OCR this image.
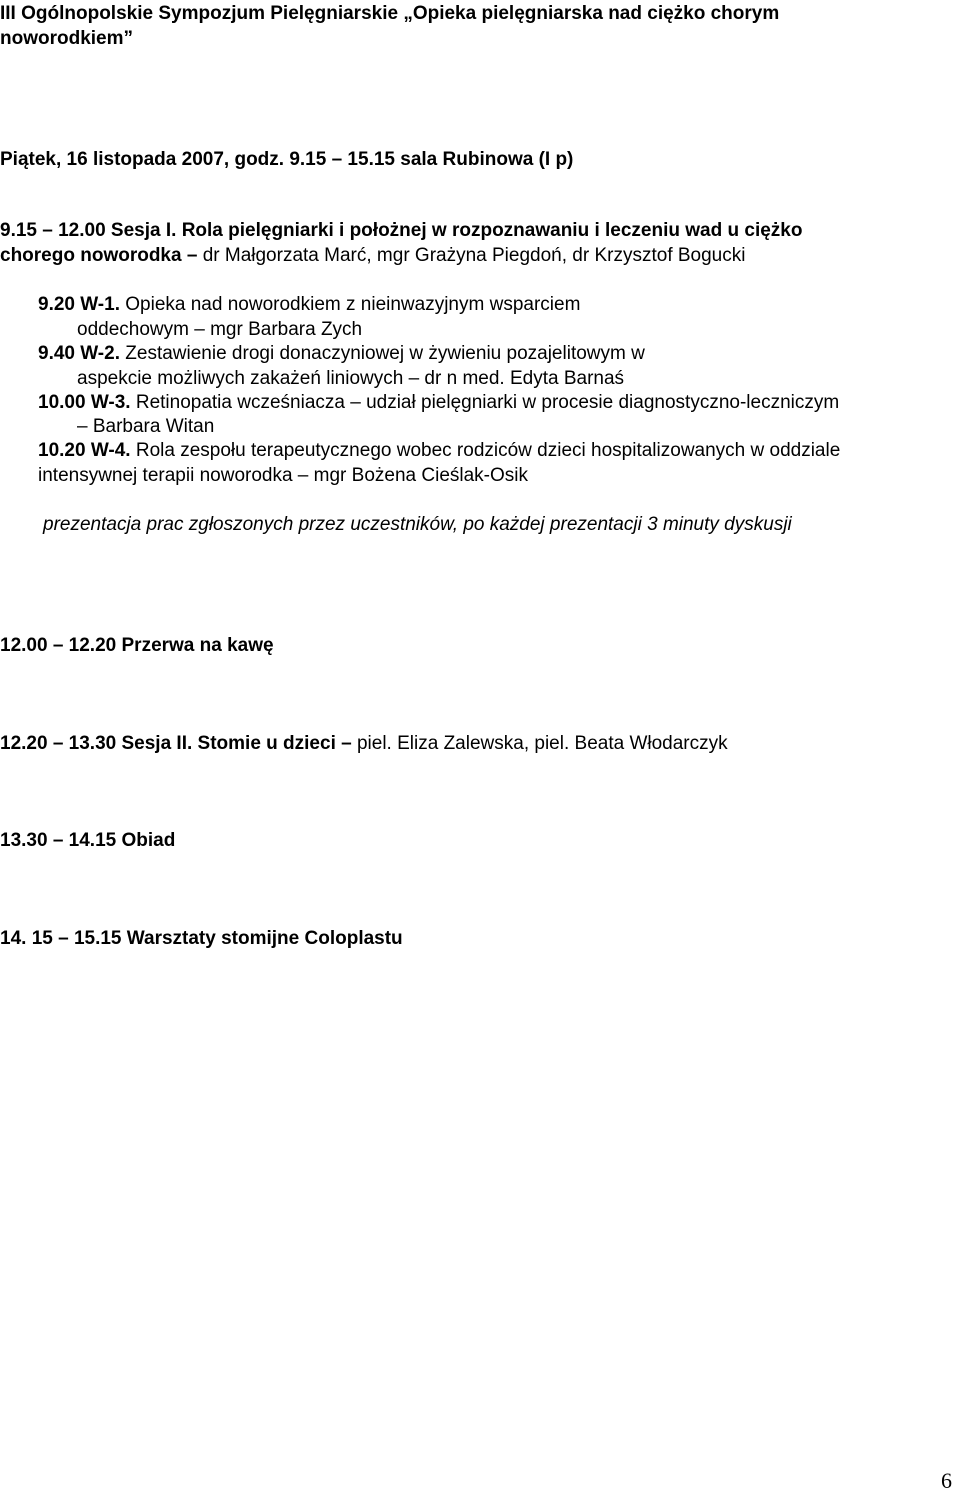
III Ogólnopolskie Sympozjum Pielęgniarskie „Opieka pielęgniarska nad ciężko chorym

noworodkiem”

Piątek, 16 listopada 2007, godz. 9.15 – 15.15 sala Rubinowa (I p)

9.15 – 12.00 Sesja I. Rola pielęgniarki i położnej w rozpoznawaniu i leczeniu wad u ciężko

chorego noworodka – dr Małgorzata Marć, mgr Grażyna Piegdoń, dr Krzysztof Bogucki

9.20 W-1. Opieka nad noworodkiem z nieinwazyjnym wsparciem

oddechowym – mgr Barbara Zych

9.40 W-2. Zestawienie drogi donaczyniowej w żywieniu pozajelitowym w

aspekcie możliwych zakażeń liniowych – dr n med. Edyta Barnaś

10.00 W-3. Retinopatia wcześniacza – udział pielęgniarki w procesie diagnostyczno-leczniczym

– Barbara Witan

10.20 W-4. Rola zespołu terapeutycznego wobec rodziców dzieci hospitalizowanych w oddziale

intensywnej terapii noworodka – mgr Bożena Cieślak-Osik

prezentacja prac zgłoszonych przez uczestników, po każdej prezentacji 3 minuty dyskusji

12.00 – 12.20 Przerwa na kawę

12.20 – 13.30 Sesja II. Stomie u dzieci – piel. Eliza Zalewska, piel. Beata Włodarczyk

13.30 – 14.15 Obiad

14. 15 – 15.15 Warsztaty stomijne Coloplastu

6
